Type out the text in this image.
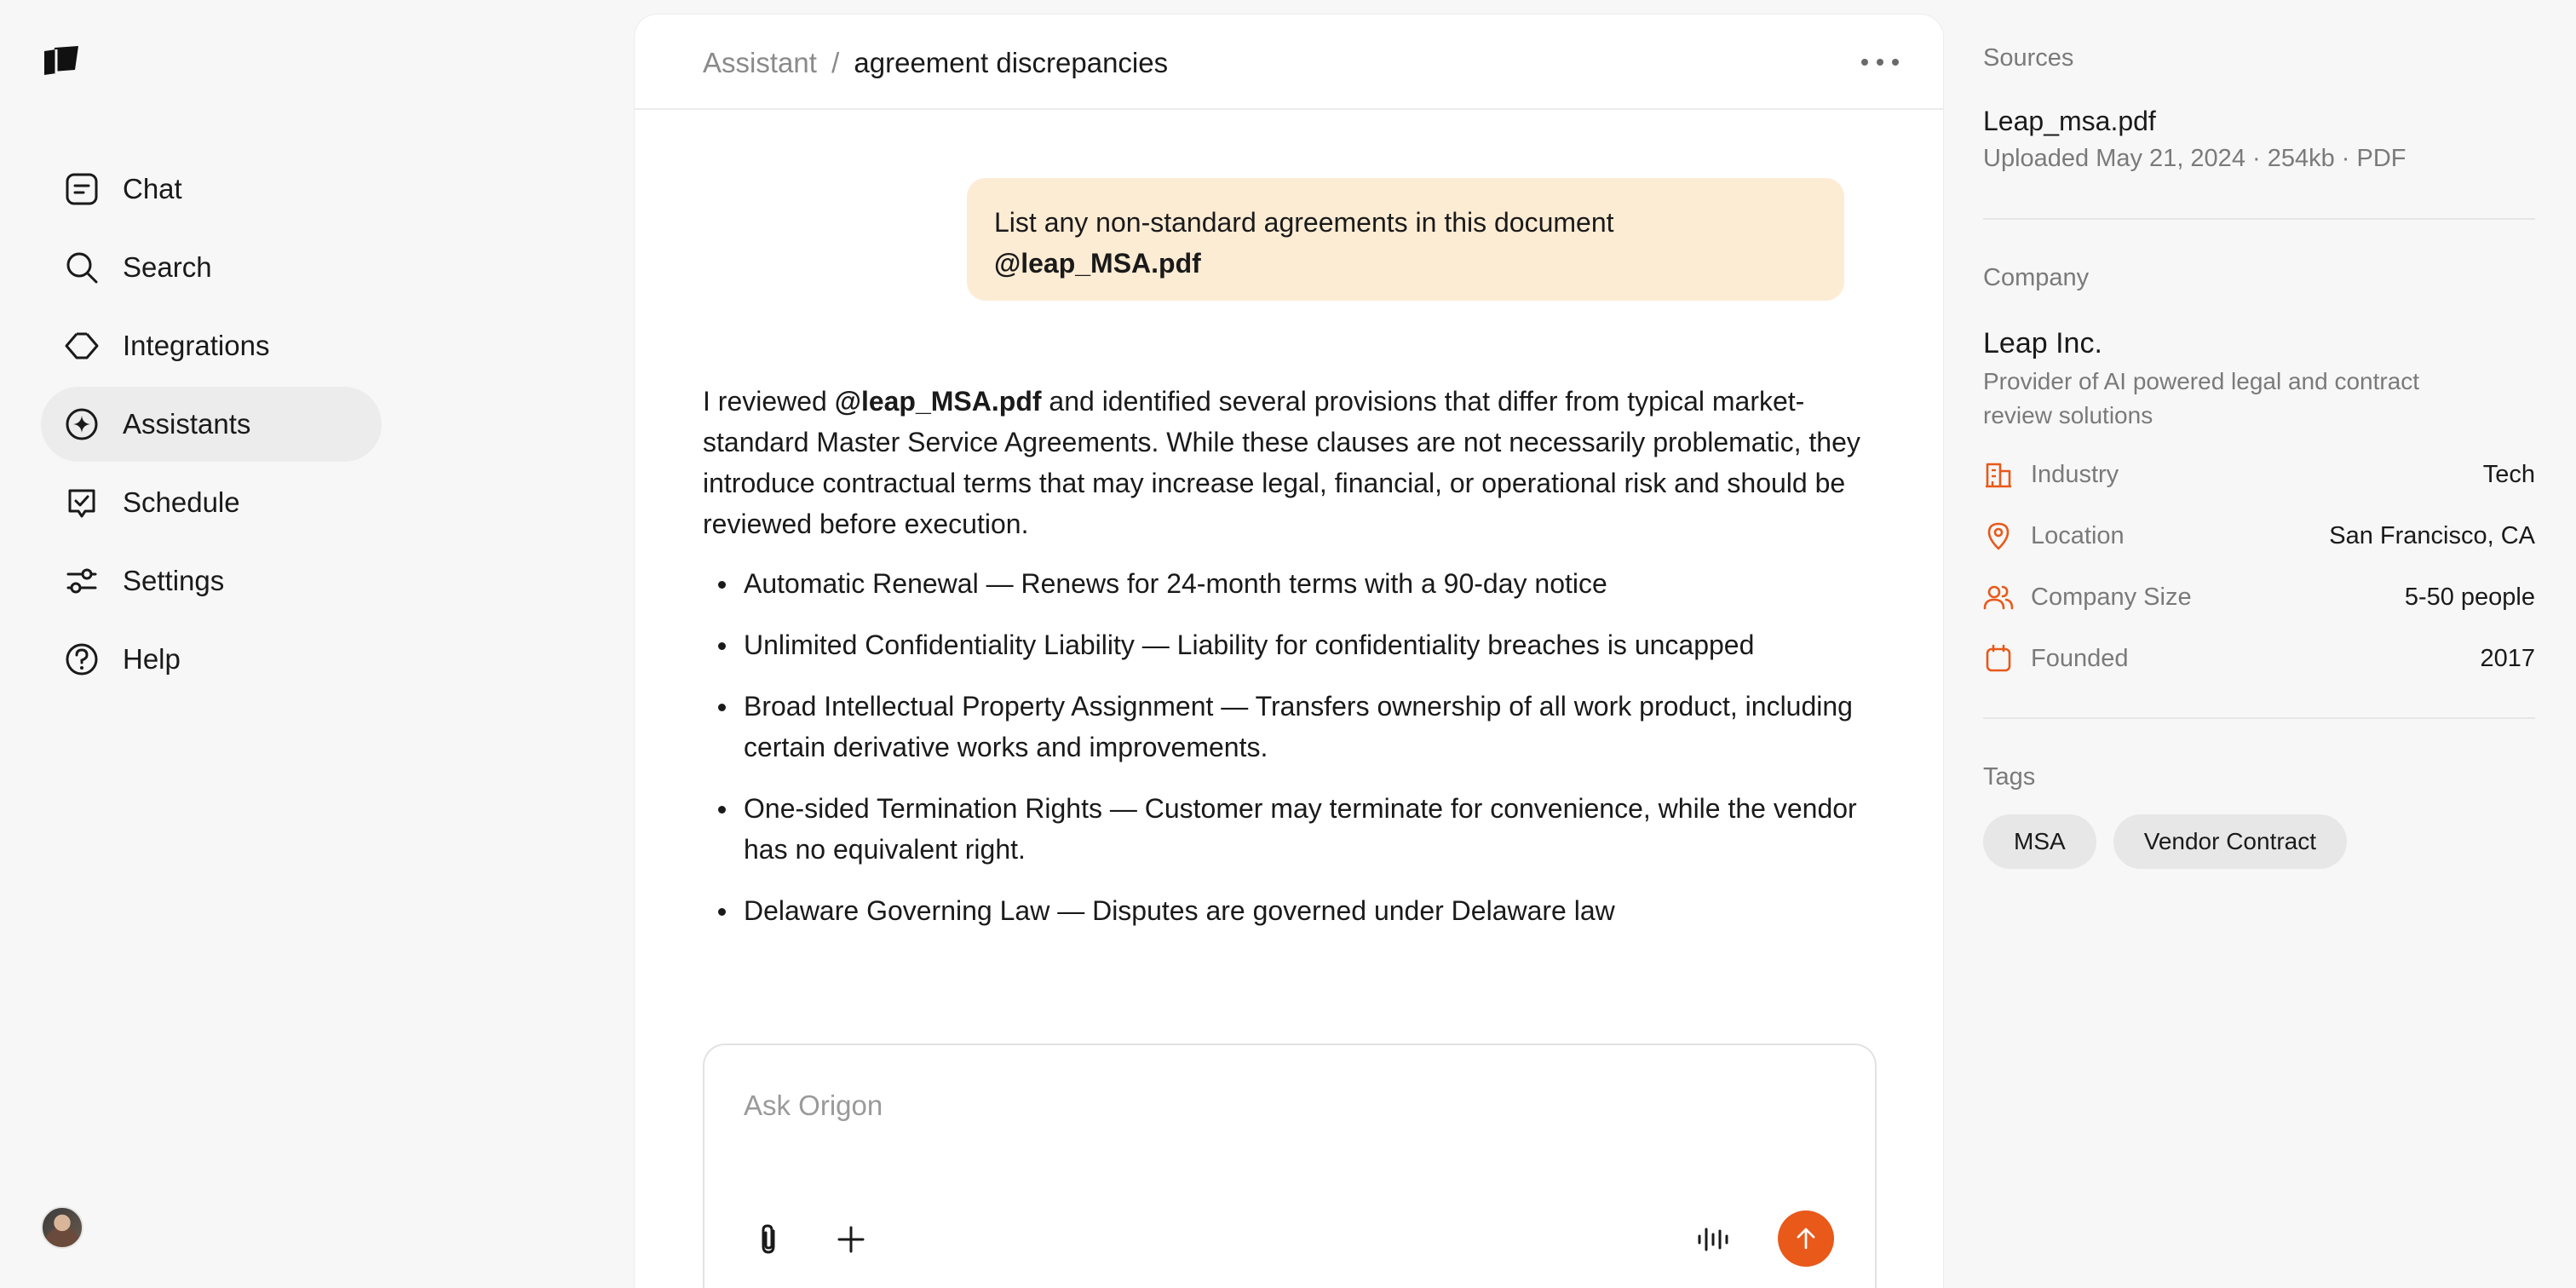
Chat
Search
Integrations
Assistants
Schedule
Settings
Help
Assistant / agreement discrepancies
List any non-standard agreements in this document
@leap_MSA.pdf

I reviewed @leap_MSA.pdf and identified several provisions that differ from typical market-standard Master Service Agreements. While these clauses are not necessarily problematic, they introduce contractual terms that may increase legal, financial, or operational risk and should be reviewed before execution.

Automatic Renewal — Renews for 24-month terms with a 90-day notice
Unlimited Confidentiality Liability — Liability for confidentiality breaches is uncapped
Broad Intellectual Property Assignment — Transfers ownership of all work product, including certain derivative works and improvements.
One-sided Termination Rights — Customer may terminate for convenience, while the vendor has no equivalent right.
Delaware Governing Law — Disputes are governed under Delaware law
Ask Origon
Sources
Leap_msa.pdf
Uploaded May 21, 2024 · 254kb · PDF
Company
Leap Inc.
Provider of AI powered legal and contract review solutions
Industry	Tech
Location	San Francisco, CA
Company Size	5-50 people
Founded	2017
Tags
MSA	Vendor Contract
